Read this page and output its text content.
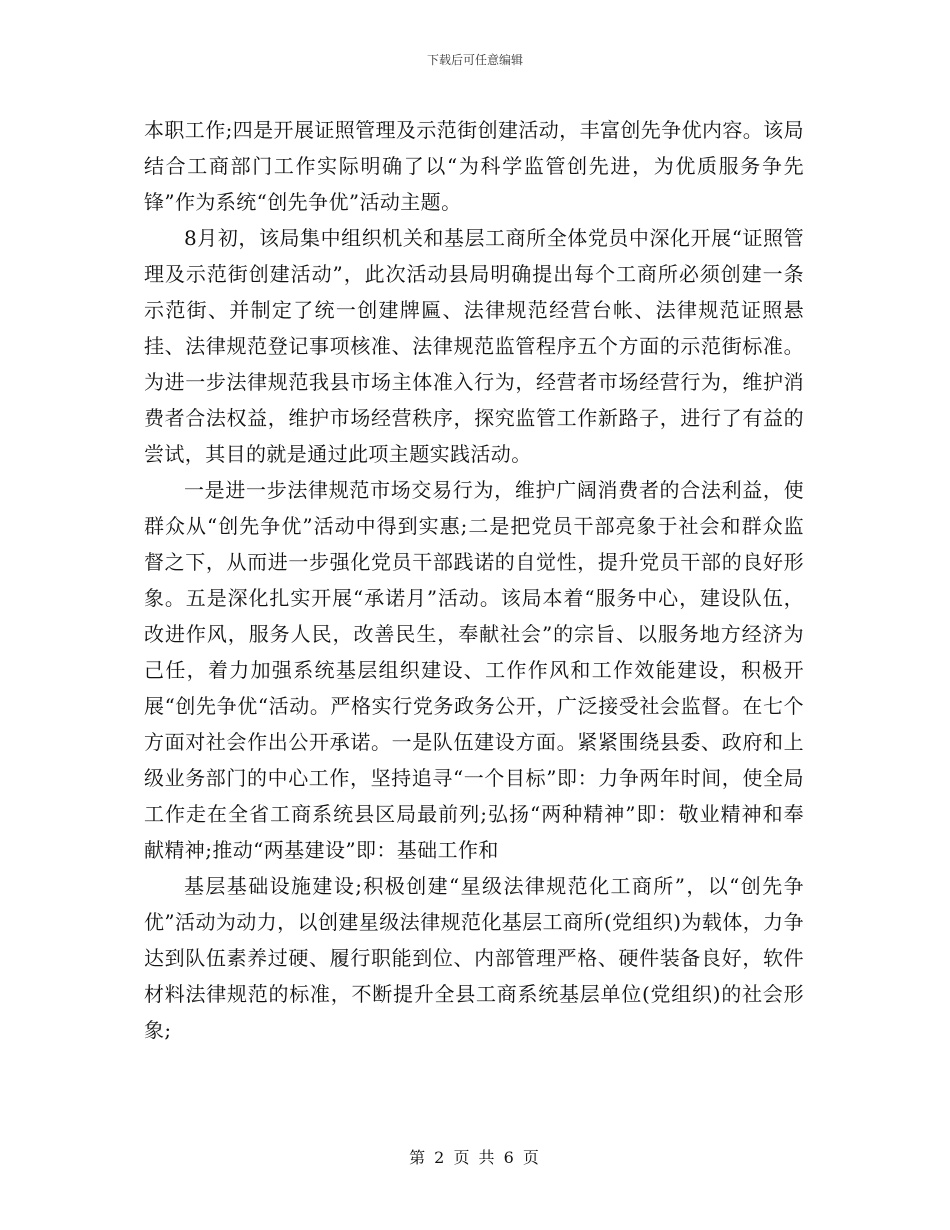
下载后可任意编辑

本职工作;四是开展证照管理及示范街创建活动，丰富创先争优内容。该局结合工商部门工作实际明确了以“为科学监管创先进，为优质服务争先锋”作为系统“创先争优”活动主题。

8月初，该局集中组织机关和基层工商所全体党员中深化开展“证照管理及示范街创建活动”，此次活动县局明确提出每个工商所必须创建一条示范街、并制定了统一创建牌匾、法律规范经营台帐、法律规范证照悬挂、法律规范登记事项核准、法律规范监管程序五个方面的示范街标准。为进一步法律规范我县市场主体准入行为，经营者市场经营行为，维护消费者合法权益，维护市场经营秩序，探究监管工作新路子，进行了有益的尝试，其目的就是通过此项主题实践活动。

一是进一步法律规范市场交易行为，维护广阔消费者的合法利益，使群众从“创先争优”活动中得到实惠;二是把党员干部亮象于社会和群众监督之下，从而进一步强化党员干部践诺的自觉性，提升党员干部的良好形象。五是深化扎实开展“承诺月”活动。该局本着“服务中心，建设队伍，改进作风，服务人民，改善民生，奉献社会”的宗旨、以服务地方经济为己任，着力加强系统基层组织建设、工作作风和工作效能建设，积极开展“创先争优“活动。严格实行党务政务公开，广泛接受社会监督。在七个方面对社会作出公开承诺。一是队伍建设方面。紧紧围绕县委、政府和上级业务部门的中心工作，坚持追寻“一个目标”即：力争两年时间，使全局工作走在全省工商系统县区局最前列;弘扬“两种精神”即：敬业精神和奉献精神;推动“两基建设”即：基础工作和

基层基础设施建设;积极创建“星级法律规范化工商所”，以“创先争优”活动为动力，以创建星级法律规范化基层工商所(党组织)为载体，力争达到队伍素养过硬、履行职能到位、内部管理严格、硬件装备良好，软件材料法律规范的标准，不断提升全县工商系统基层单位(党组织)的社会形象;

第 2 页 共 6 页
